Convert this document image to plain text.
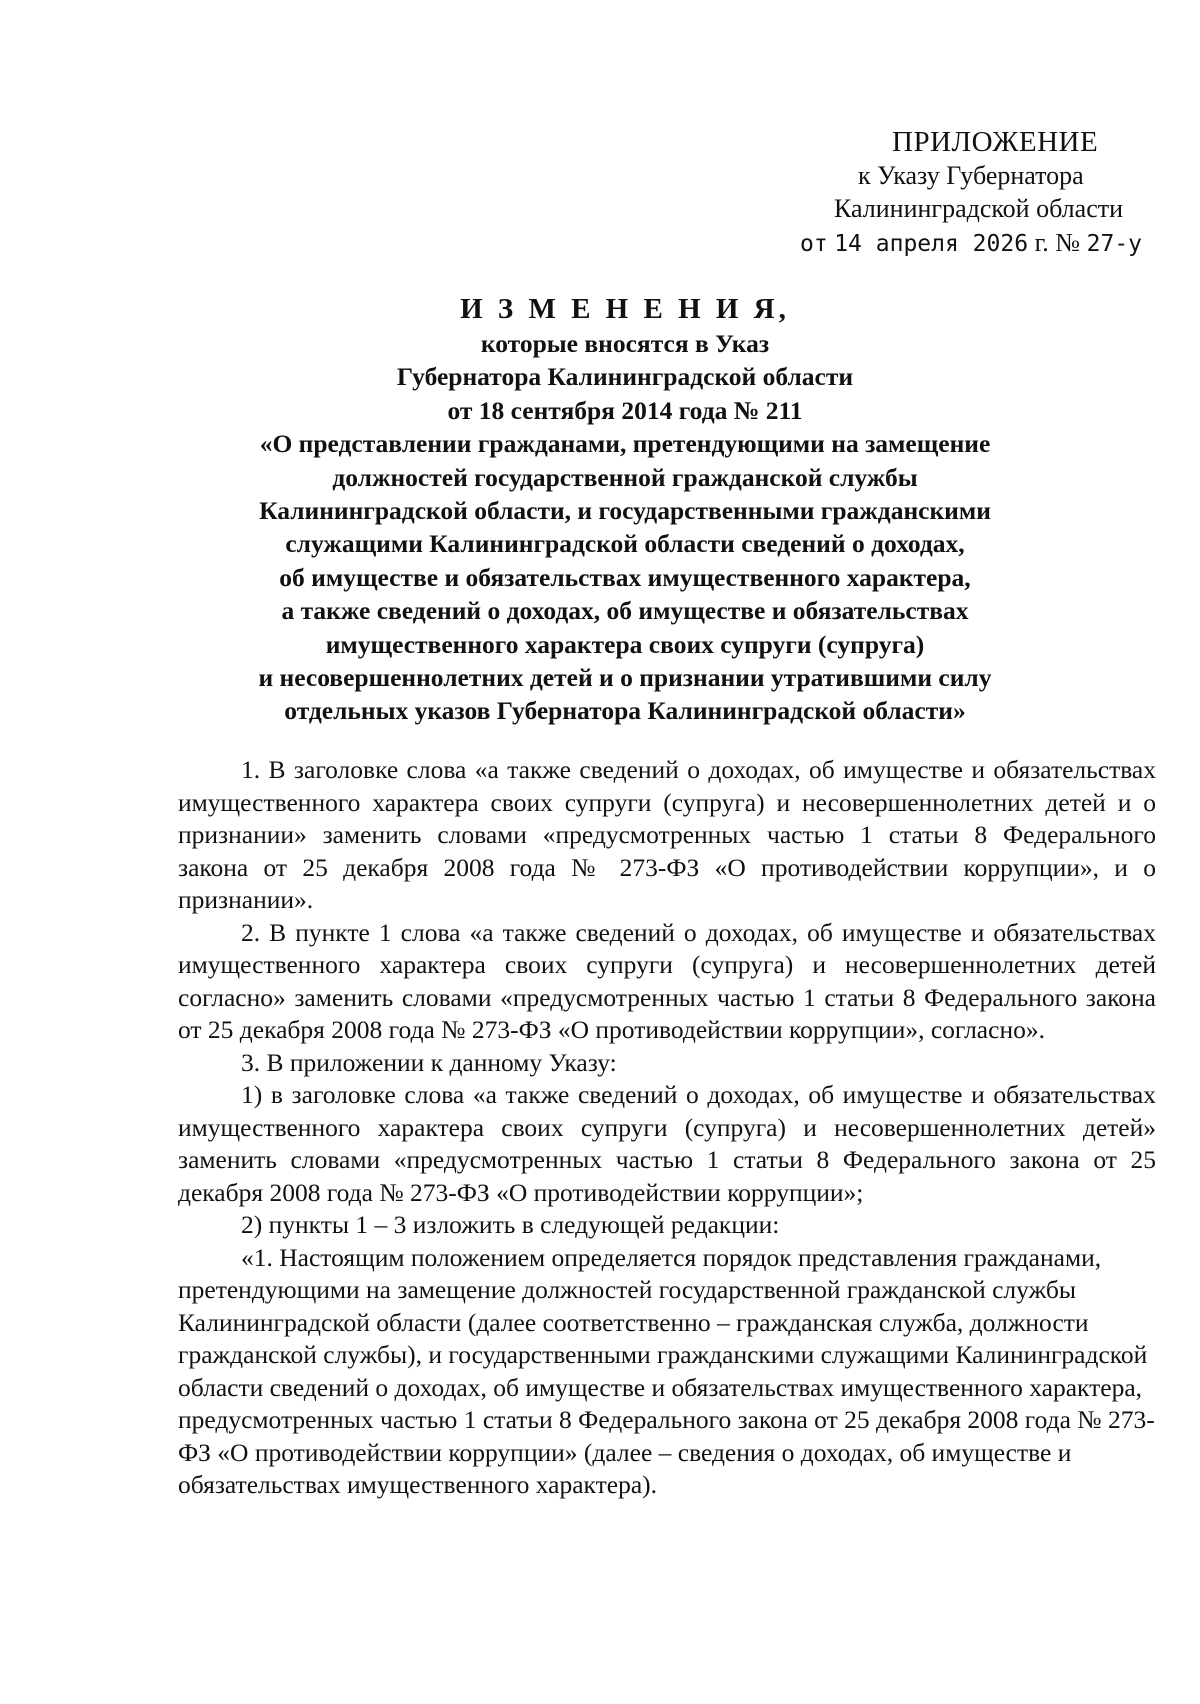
ПРИЛОЖЕНИЕ
к Указу Губернатора
Калининградской области
от 14 апреля 2026 г. № 27-у
И З М Е Н Е Н И Я,
которые вносятся в Указ
Губернатора Калининградской области
от 18 сентября 2014 года № 211
«О представлении гражданами, претендующими на замещение
должностей государственной гражданской службы
Калининградской области, и государственными гражданскими
служащими Калининградской области сведений о доходах,
об имуществе и обязательствах имущественного характера,
а также сведений о доходах, об имуществе и обязательствах
имущественного характера своих супруги (супруга)
и несовершеннолетних детей и о признании утратившими силу
отдельных указов Губернатора Калининградской области»

1. В заголовке слова «а также сведений о доходах, об имуществе и обязательствах имущественного характера своих супруги (супруга) и несовершеннолетних детей и о признании» заменить словами «предусмотренных частью 1 статьи 8 Федерального закона от 25 декабря 2008 года № 273-ФЗ «О противодействии коррупции», и о признании».

2. В пункте 1 слова «а также сведений о доходах, об имуществе и обязательствах имущественного характера своих супруги (супруга) и несовершеннолетних детей согласно» заменить словами «предусмотренных частью 1 статьи 8 Федерального закона от 25 декабря 2008 года № 273-ФЗ «О противодействии коррупции», согласно».

3. В приложении к данному Указу:

1) в заголовке слова «а также сведений о доходах, об имуществе и обязательствах имущественного характера своих супруги (супруга) и несовершеннолетних детей» заменить словами «предусмотренных частью 1 статьи 8 Федерального закона от 25 декабря 2008 года № 273-ФЗ «О противодействии коррупции»;

2) пункты 1 – 3 изложить в следующей редакции:

«1. Настоящим положением определяется порядок представления гражданами, претендующими на замещение должностей государственной гражданской службы Калининградской области (далее соответственно – гражданская служба, должности гражданской службы), и государственными гражданскими служащими Калининградской области сведений о доходах, об имуществе и обязательствах имущественного характера, предусмотренных частью 1 статьи 8 Федерального закона от 25 декабря 2008 года № 273-ФЗ «О противодействии коррупции» (далее – сведения о доходах, об имуществе и обязательствах имущественного характера).
